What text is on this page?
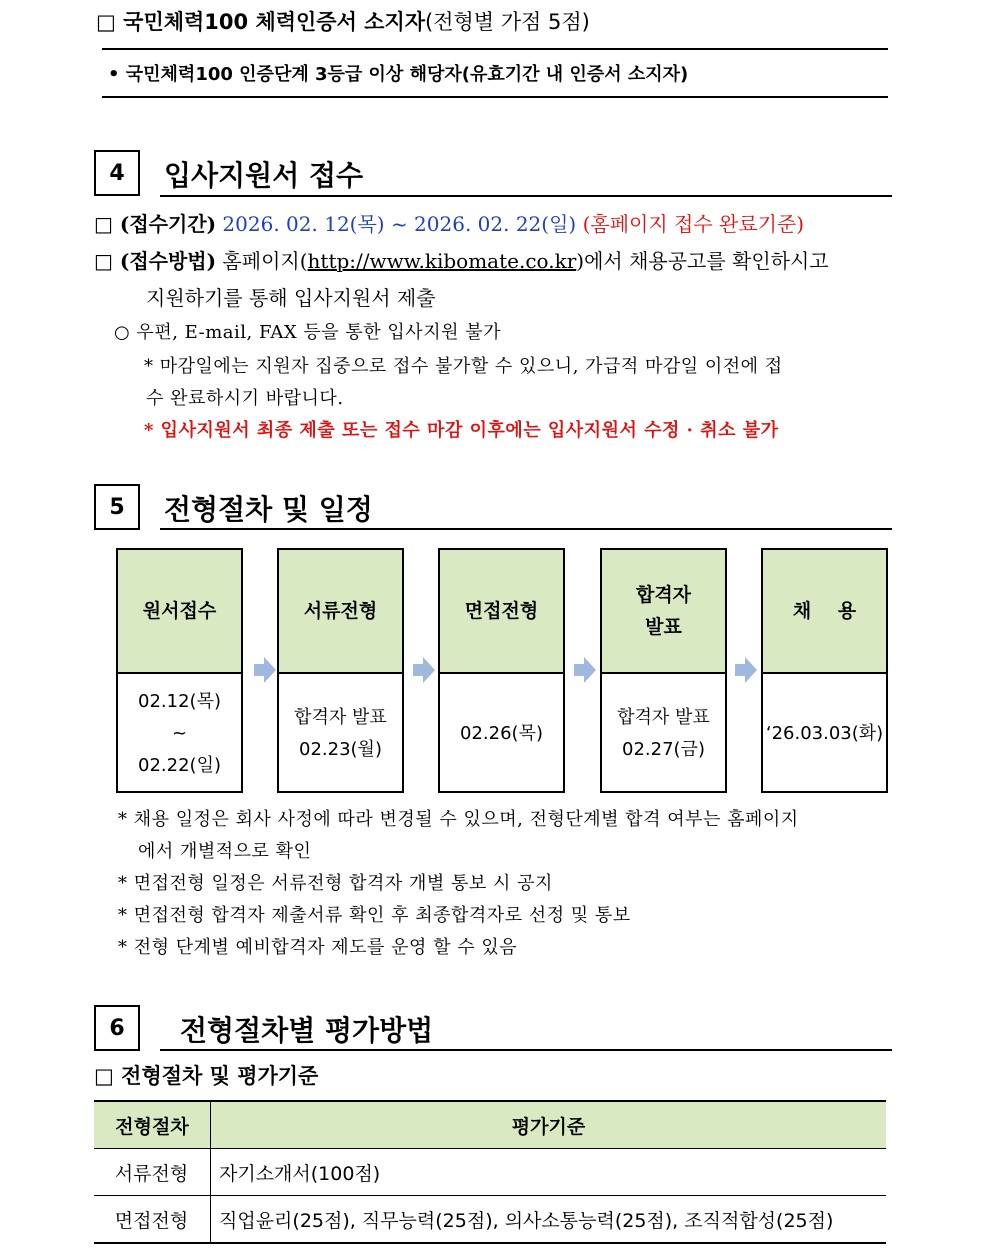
□ 국민체력100 체력인증서 소지자(전형별 가점 5점)
• 국민체력100 인증단계 3등급 이상 해당자(유효기간 내 인증서 소지자)
4	입사지원서 접수
□ (접수기간) 2026. 02. 12(목) ~ 2026. 02. 22(일) (홈페이지 접수 완료기준)
□ (접수방법) 홈페이지(http://www.kibomate.co.kr)에서 채용공고를 확인하시고
지원하기를 통해 입사지원서 제출
○ 우편, E-mail, FAX 등을 통한 입사지원 불가
* 마감일에는 지원자 집중으로 접수 불가할 수 있으니, 가급적 마감일 이전에 접
수 완료하시기 바랍니다.
* 입사지원서 최종 제출 또는 접수 마감 이후에는 입사지원서 수정 · 취소 불가
5	전형절차 및 일정
원서접수
02.12(목)
~
02.22(일)
서류전형
합격자 발표
02.23(월)
면접전형
02.26(목)
합격자
발표
합격자 발표
02.27(금)
채    용
‘26.03.03(화)
* 채용 일정은 회사 사정에 따라 변경될 수 있으며, 전형단계별 합격 여부는 홈페이지
에서 개별적으로 확인
* 면접전형 일정은 서류전형 합격자 개별 통보 시 공지
* 면접전형 합격자 제출서류 확인 후 최종합격자로 선정 및 통보
* 전형 단계별 예비합격자 제도를 운영 할 수 있음
6	전형절차별 평가방법
□ 전형절차 및 평가기준
전형절차	평가기준
서류전형	자기소개서(100점)
면접전형	직업윤리(25점), 직무능력(25점), 의사소통능력(25점), 조직적합성(25점)
